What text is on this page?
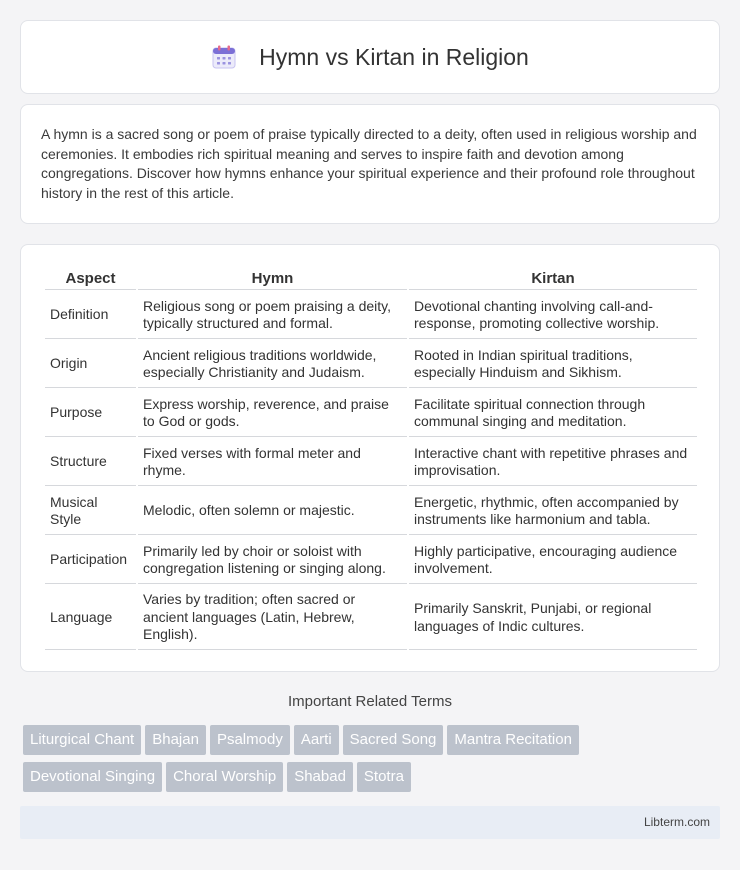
Hymn vs Kirtan in Religion

A hymn is a sacred song or poem of praise typically directed to a deity, often used in religious worship and ceremonies. It embodies rich spiritual meaning and serves to inspire faith and devotion among congregations. Discover how hymns enhance your spiritual experience and their profound role throughout history in the rest of this article.

Aspect	Hymn	Kirtan
Definition	Religious song or poem praising a deity, typically structured and formal.	Devotional chanting involving call-and-response, promoting collective worship.
Origin	Ancient religious traditions worldwide, especially Christianity and Judaism.	Rooted in Indian spiritual traditions, especially Hinduism and Sikhism.
Purpose	Express worship, reverence, and praise to God or gods.	Facilitate spiritual connection through communal singing and meditation.
Structure	Fixed verses with formal meter and rhyme.	Interactive chant with repetitive phrases and improvisation.
Musical Style	Melodic, often solemn or majestic.	Energetic, rhythmic, often accompanied by instruments like harmonium and tabla.
Participation	Primarily led by choir or soloist with congregation listening or singing along.	Highly participative, encouraging audience involvement.
Language	Varies by tradition; often sacred or ancient languages (Latin, Hebrew, English).	Primarily Sanskrit, Punjabi, or regional languages of Indic cultures.
Important Related Terms
Liturgical Chant Bhajan Psalmody Aarti Sacred Song Mantra Recitation
Devotional Singing Choral Worship Shabad Stotra
Libterm.com
